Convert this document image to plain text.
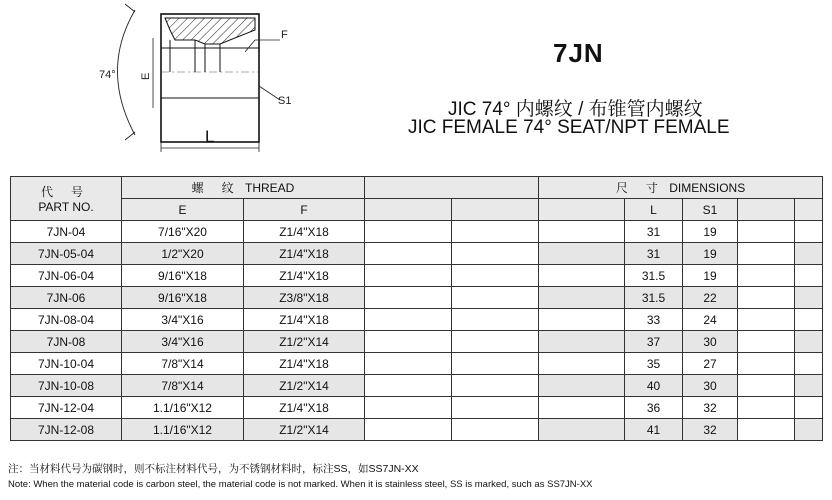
74° E
F
S1
L
7JN
JIC 74° 内螺纹 / 布锥管内螺纹
JIC FEMALE 74° SEAT/NPT FEMALE
代号
PART NO.	螺纹 THREAD				尺寸 DIMENSIONS				
	E	F				L	S1		
7JN-04	7/16"X20	Z1/4"X18				31	19		
7JN-05-04	1/2"X20	Z1/4"X18				31	19		
7JN-06-04	9/16"X18	Z1/4"X18				31.5	19		
7JN-06	9/16"X18	Z3/8"X18				31.5	22		
7JN-08-04	3/4"X16	Z1/4"X18				33	24		
7JN-08	3/4"X16	Z1/2"X14				37	30		
7JN-10-04	7/8"X14	Z1/4"X18				35	27		
7JN-10-08	7/8"X14	Z1/2"X14				40	30		
7JN-12-04	1.1/16"X12	Z1/4"X18				36	32		
7JN-12-08	1.1/16"X12	Z1/2"X14				41	32		
注：当材料代号为碳钢时，则不标注材料代号，为不锈钢材料时，标注SS，如SS7JN-XX
Note: When the material code is carbon steel, the material code is not marked. When it is stainless steel, SS is marked, such as SS7JN-XX
